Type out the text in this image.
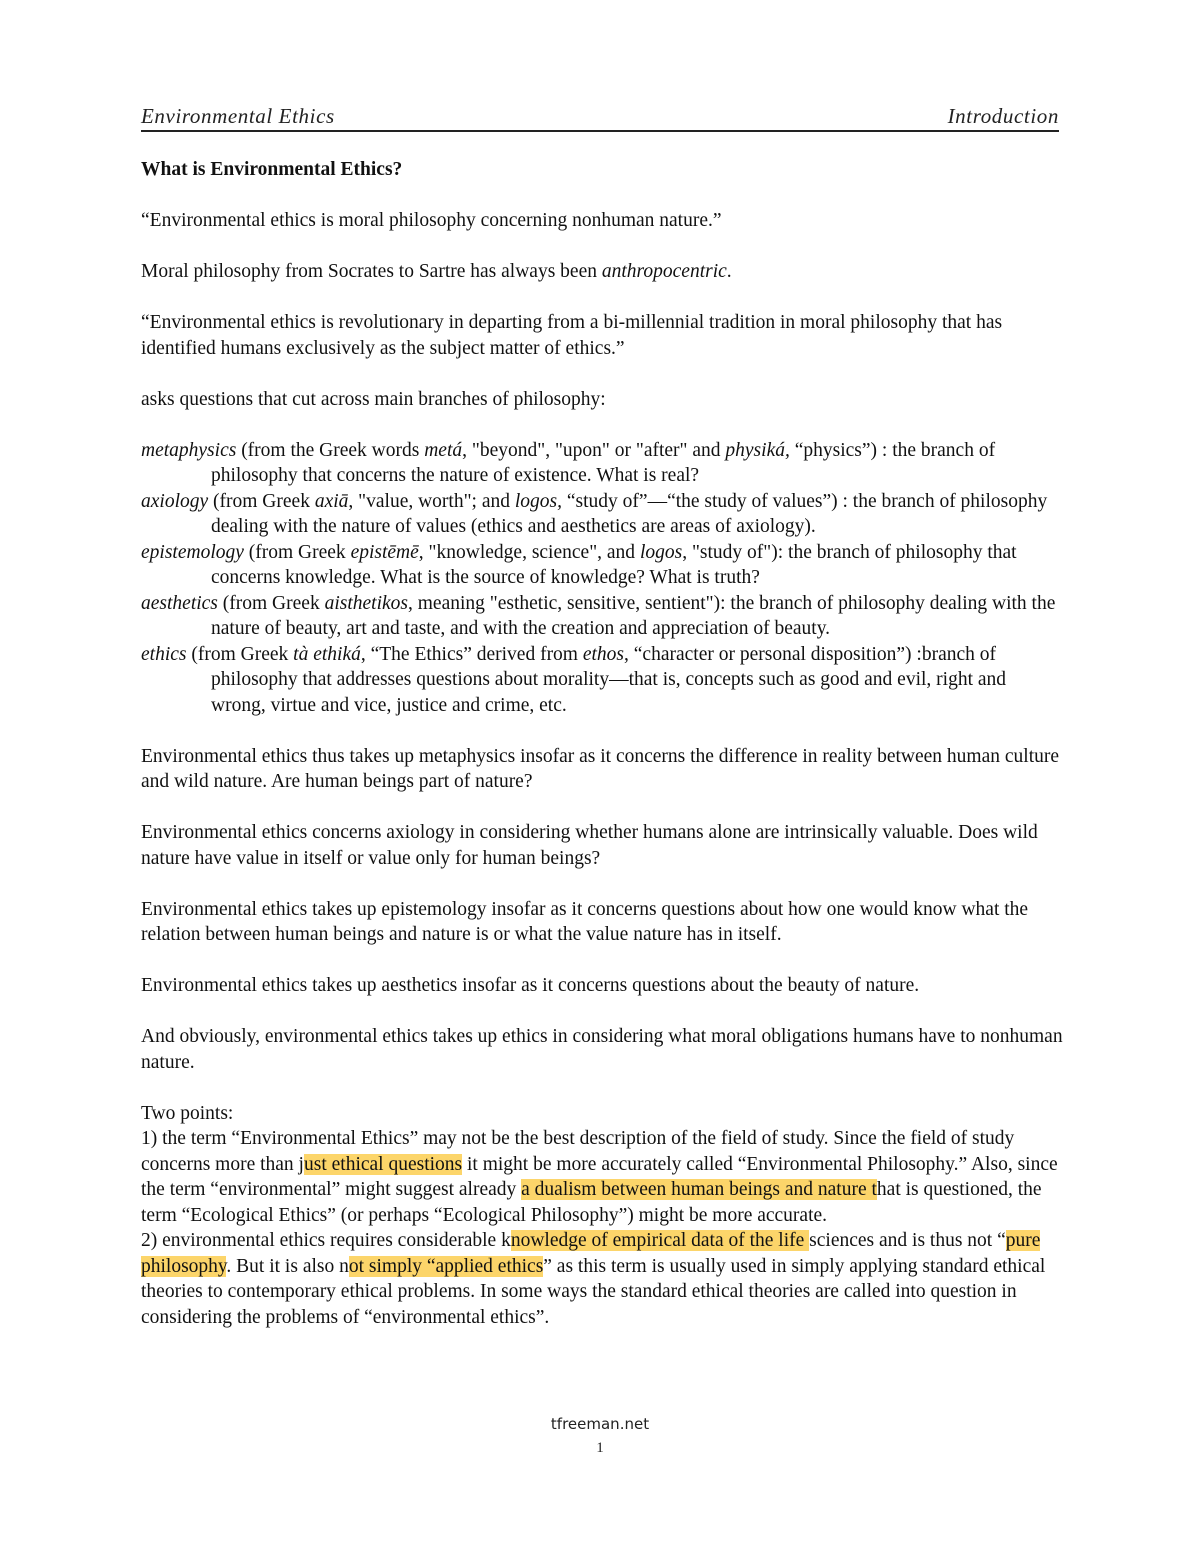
Environmental Ethics	Introduction

What is Environmental Ethics?

“Environmental ethics is moral philosophy concerning nonhuman nature.”

Moral philosophy from Socrates to Sartre has always been anthropocentric.

“Environmental ethics is revolutionary in departing from a bi-millennial tradition in moral philosophy that has identified humans exclusively as the subject matter of ethics.”

asks questions that cut across main branches of philosophy:

metaphysics (from the Greek words metá, "beyond", "upon" or "after" and physiká, “physics”) : the branch of philosophy that concerns the nature of existence. What is real?

axiology (from Greek axiā, "value, worth"; and logos, “study of”—“the study of values”) : the branch of philosophy dealing with the nature of values (ethics and aesthetics are areas of axiology).

epistemology (from Greek epistēmē, "knowledge, science", and logos, "study of"): the branch of philosophy that concerns knowledge. What is the source of knowledge? What is truth?

aesthetics (from Greek aisthetikos, meaning "esthetic, sensitive, sentient"): the branch of philosophy dealing with the nature of beauty, art and taste, and with the creation and appreciation of beauty.

ethics (from Greek tà ethiká, “The Ethics” derived from ethos, “character or personal disposition”) :branch of philosophy that addresses questions about morality—that is, concepts such as good and evil, right and wrong, virtue and vice, justice and crime, etc.

Environmental ethics thus takes up metaphysics insofar as it concerns the difference in reality between human culture and wild nature. Are human beings part of nature?

Environmental ethics concerns axiology in considering whether humans alone are intrinsically valuable. Does wild nature have value in itself or value only for human beings?

Environmental ethics takes up epistemology insofar as it concerns questions about how one would know what the relation between human beings and nature is or what the value nature has in itself.

Environmental ethics takes up aesthetics insofar as it concerns questions about the beauty of nature.

And obviously, environmental ethics takes up ethics in considering what moral obligations humans have to nonhuman nature.

Two points:

1) the term “Environmental Ethics” may not be the best description of the field of study. Since the field of study concerns more than just ethical questions it might be more accurately called “Environmental Philosophy.” Also, since the term “environmental” might suggest already a dualism between human beings and nature that is questioned, the term “Ecological Ethics” (or perhaps “Ecological Philosophy”) might be more accurate.

2) environmental ethics requires considerable knowledge of empirical data of the life sciences and is thus not “pure philosophy. But it is also not simply “applied ethics” as this term is usually used in simply applying standard ethical theories to contemporary ethical problems. In some ways the standard ethical theories are called into question in considering the problems of “environmental ethics”.

tfreeman.net
1
